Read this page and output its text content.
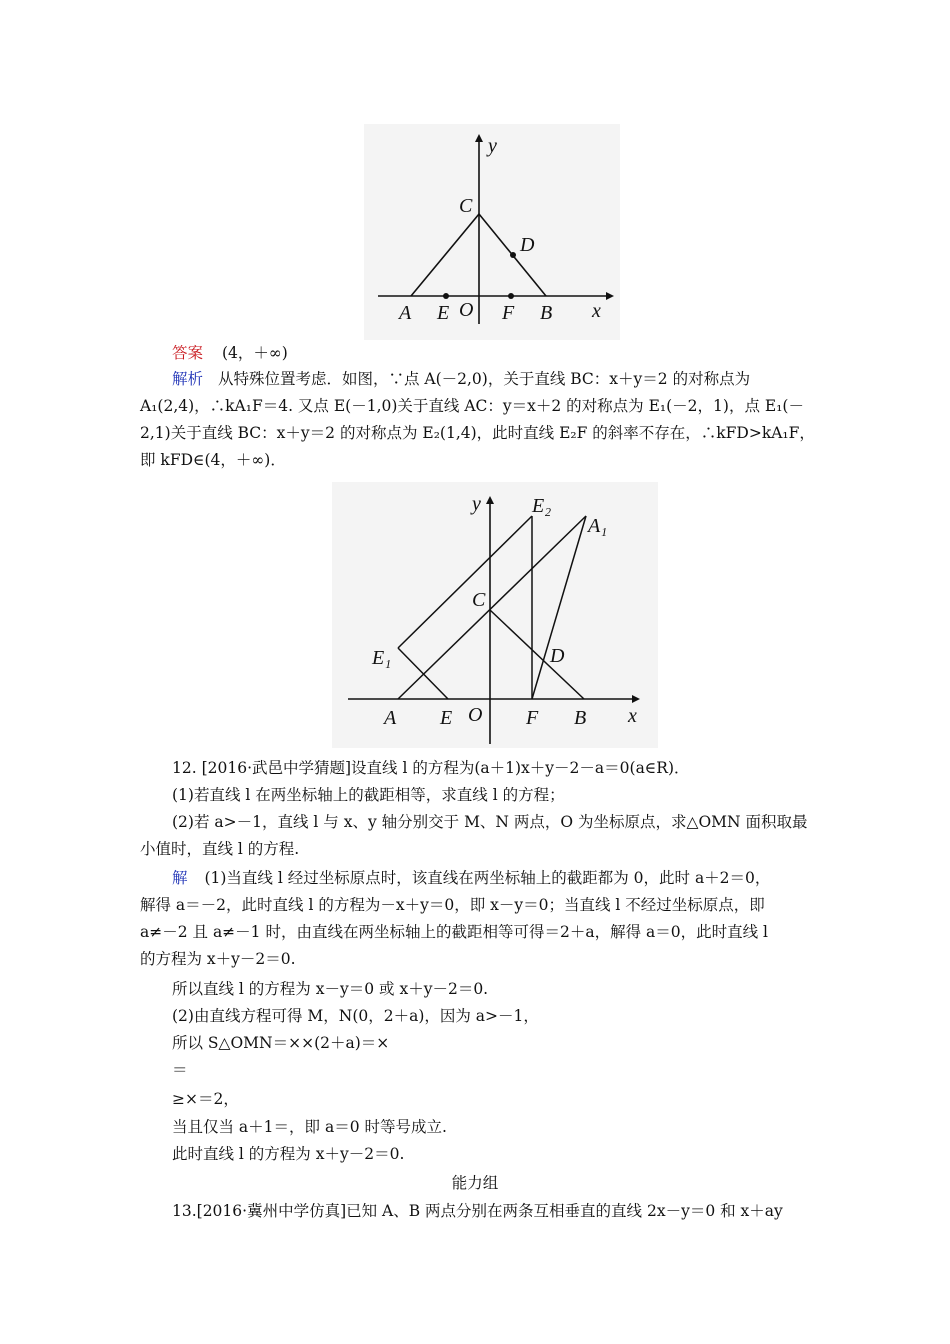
y
C
D
A E O F B x
答案 (4，＋∞)
解析 从特殊位置考虑．如图，∵点 A(－2,0)，关于直线 BC：x＋y＝2 的对称点为
A₁(2,4)，∴kA₁F＝4. 又点 E(－1,0)关于直线 AC：y＝x＋2 的对称点为 E₁(－2，1)，点 E₁(－
2,1)关于直线 BC：x＋y＝2 的对称点为 E₂(1,4)，此时直线 E₂F 的斜率不存在，∴kFD>kA₁F，
即 kFD∈(4，＋∞)．
y	E₂
A₁
C
E₁	D
A E O F B x
12. [2016·武邑中学猜题]设直线 l 的方程为(a＋1)x＋y－2－a＝0(a∈R)．
(1)若直线 l 在两坐标轴上的截距相等，求直线 l 的方程；
(2)若 a>－1，直线 l 与 x、y 轴分别交于 M、N 两点，O 为坐标原点，求△OMN 面积取最
小值时，直线 l 的方程.
解 (1)当直线 l 经过坐标原点时，该直线在两坐标轴上的截距都为 0，此时 a＋2＝0，
解得 a＝－2，此时直线 l 的方程为－x＋y＝0，即 x－y＝0；当直线 l 不经过坐标原点，即
a≠－2 且 a≠－1 时，由直线在两坐标轴上的截距相等可得＝2＋a，解得 a＝0，此时直线 l
的方程为 x＋y－2＝0.
所以直线 l 的方程为 x－y＝0 或 x＋y－2＝0.
(2)由直线方程可得 M，N(0，2＋a)，因为 a>－1，
所以 S△OMN＝××(2＋a)＝×
＝
≥×＝2，
当且仅当 a＋1＝，即 a＝0 时等号成立.
此时直线 l 的方程为 x＋y－2＝0.
能力组
13.[2016·冀州中学仿真]已知 A、B 两点分别在两条互相垂直的直线 2x－y＝0 和 x＋ay
